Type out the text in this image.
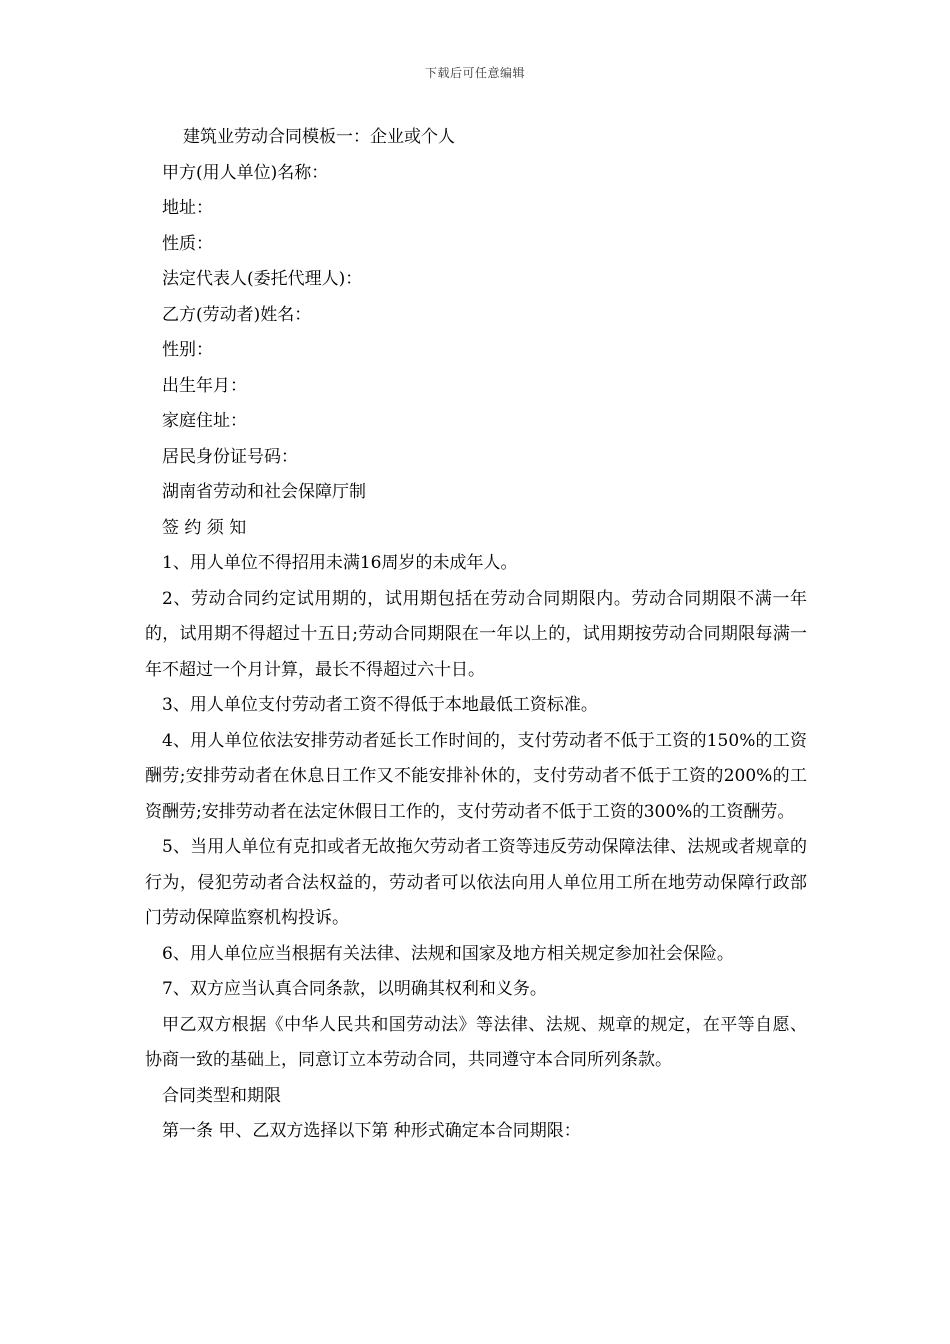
下载后可任意编辑

建筑业劳动合同模板一：企业或个人

甲方(用人单位)名称：

地址：

性质：

法定代表人(委托代理人)：

乙方(劳动者)姓名：

性别：

出生年月：

家庭住址：

居民身份证号码：

湖南省劳动和社会保障厅制

签 约 须 知

1、用人单位不得招用未满16周岁的未成年人。

2、劳动合同约定试用期的，试用期包括在劳动合同期限内。劳动合同期限不满一年的，试用期不得超过十五日;劳动合同期限在一年以上的，试用期按劳动合同期限每满一年不超过一个月计算，最长不得超过六十日。

3、用人单位支付劳动者工资不得低于本地最低工资标准。

4、用人单位依法安排劳动者延长工作时间的，支付劳动者不低于工资的150%的工资酬劳;安排劳动者在休息日工作又不能安排补休的，支付劳动者不低于工资的200%的工资酬劳;安排劳动者在法定休假日工作的，支付劳动者不低于工资的300%的工资酬劳。

5、当用人单位有克扣或者无故拖欠劳动者工资等违反劳动保障法律、法规或者规章的行为，侵犯劳动者合法权益的，劳动者可以依法向用人单位用工所在地劳动保障行政部门劳动保障监察机构投诉。

6、用人单位应当根据有关法律、法规和国家及地方相关规定参加社会保险。

7、双方应当认真合同条款，以明确其权利和义务。

甲乙双方根据《中华人民共和国劳动法》等法律、法规、规章的规定，在平等自愿、协商一致的基础上，同意订立本劳动合同，共同遵守本合同所列条款。

合同类型和期限

第一条 甲、乙双方选择以下第 种形式确定本合同期限：
